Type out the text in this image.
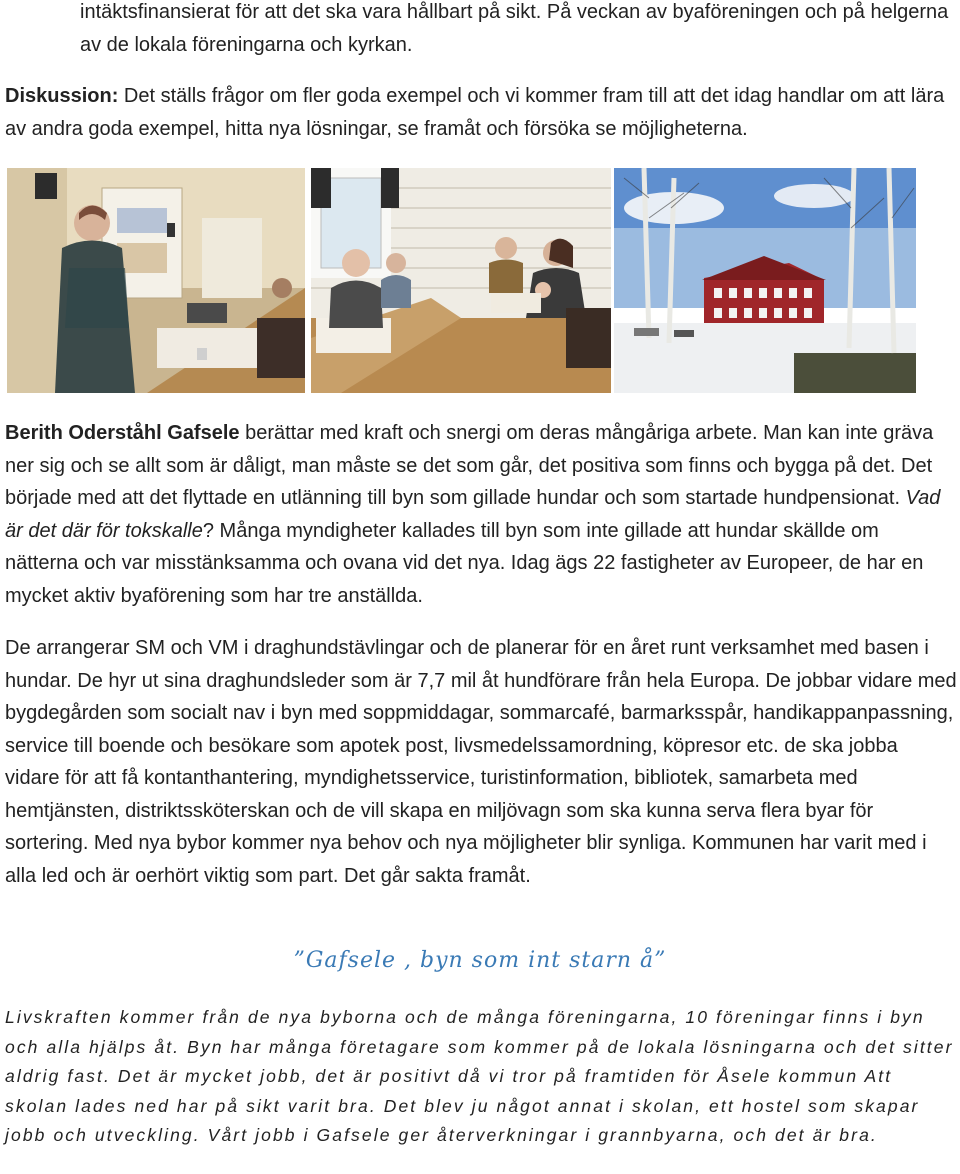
intäktsfinansierat för att det ska vara hållbart på sikt. På veckan av byaföreningen och på helgerna av de lokala föreningarna och kyrkan.

Diskussion: Det ställs frågor om fler goda exempel och vi kommer fram till att det idag handlar om att lära av andra goda exempel, hitta nya lösningar, se framåt och försöka se möjligheterna.

Berith Oderståhl Gafsele berättar med kraft och snergi om deras mångåriga arbete. Man kan inte gräva ner sig och se allt som är dåligt, man måste se det som går, det positiva som finns och bygga på det. Det började med att det flyttade en utlänning till byn som gillade hundar och som startade hundpensionat. Vad är det där för tokskalle? Många myndigheter kallades till byn som inte gillade att hundar skällde om nätterna och var misstänksamma och ovana vid det nya. Idag ägs 22 fastigheter av Europeer, de har en mycket aktiv byaförening som har tre anställda.

De arrangerar SM och VM i draghundstävlingar och de planerar för en året runt verksamhet med basen i hundar. De hyr ut sina draghundsleder som är 7,7 mil åt hundförare från hela Europa. De jobbar vidare med bygdegården som socialt nav i byn med soppmiddagar, sommarcafé, barmarksspår, handikappanpassning, service till boende och besökare som apotek post, livsmedelssamordning, köpresor etc. de ska jobba vidare för att få kontanthantering, myndighetsservice, turistinformation, bibliotek, samarbeta med hemtjänsten, distriktssköterskan och de vill skapa en miljövagn som ska kunna serva flera byar för sortering. Med nya bybor kommer nya behov och nya möjligheter blir synliga. Kommunen har varit med i alla led och är oerhört viktig som part. Det går sakta framåt.

”Gafsele , byn som int starn å”

Livskraften kommer från de nya byborna och de många föreningarna, 10 föreningar finns i byn och alla hjälps åt. Byn har många företagare som kommer på de lokala lösningarna och det sitter aldrig fast. Det är mycket jobb, det är positivt då vi tror på framtiden för Åsele kommun Att skolan lades ned har på sikt varit bra. Det blev ju något annat i skolan, ett hostel som skapar jobb och utveckling. Vårt jobb i Gafsele ger återverkningar i grannbyarna, och det är bra.
